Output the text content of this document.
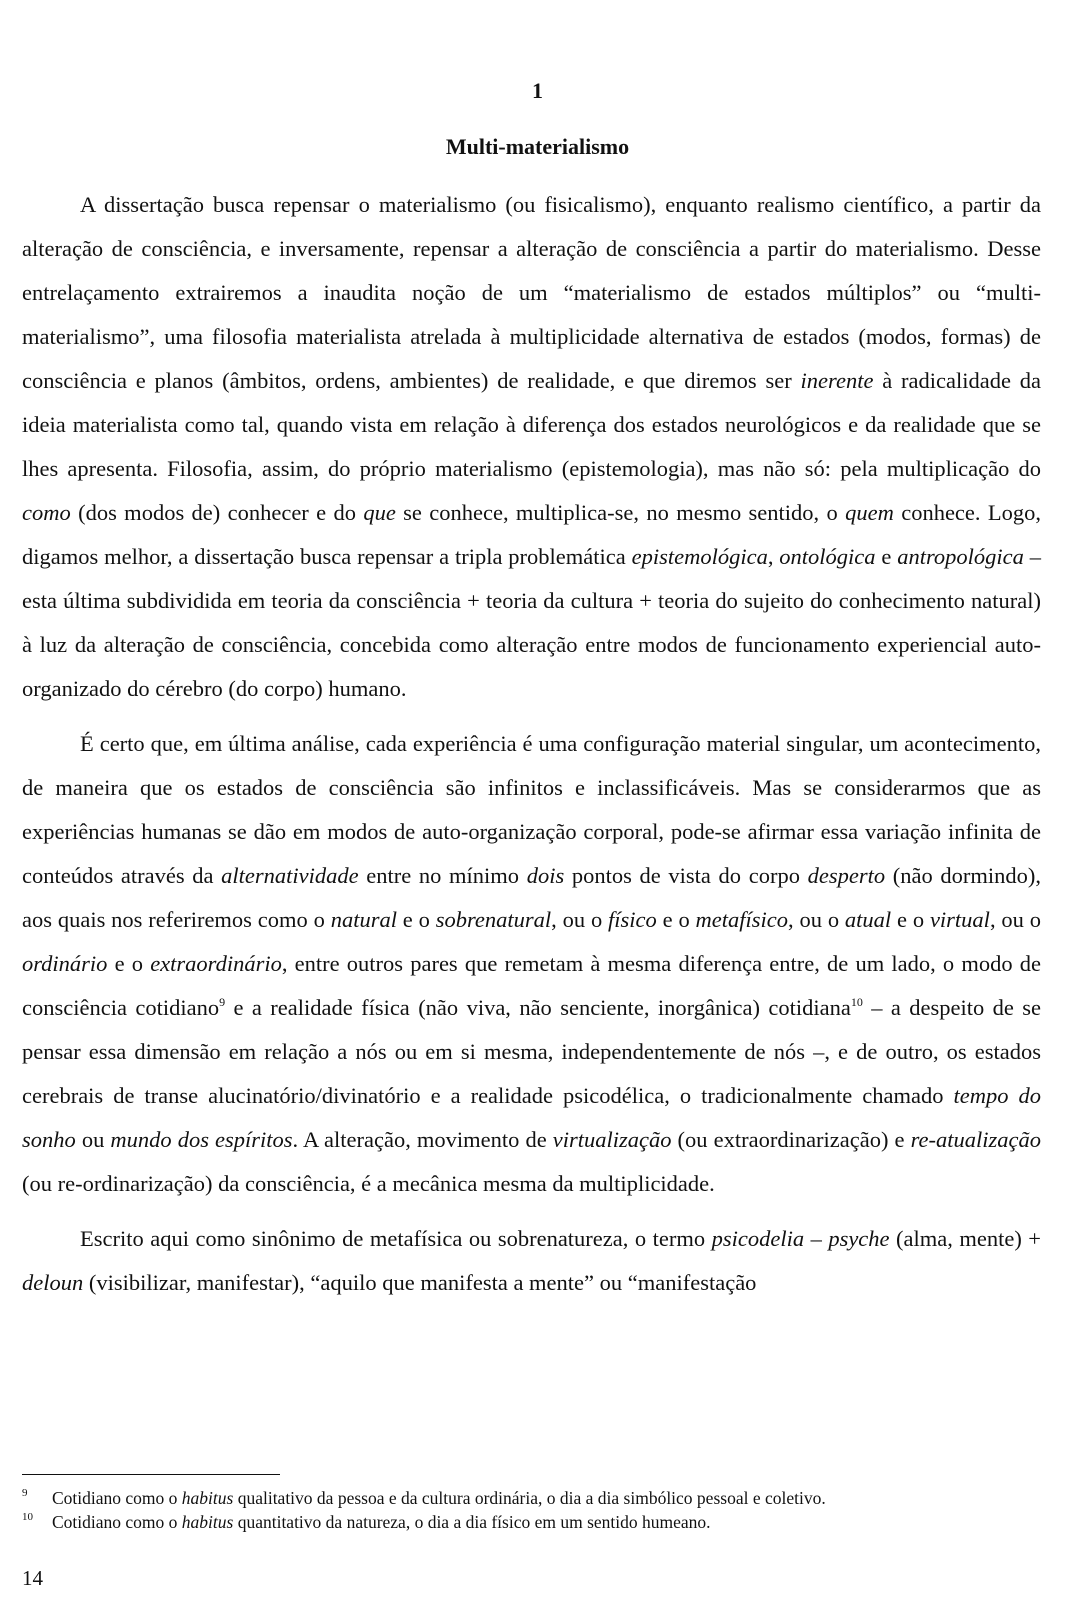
1
Multi-materialismo

A dissertação busca repensar o materialismo (ou fisicalismo), enquanto realismo científico, a partir da alteração de consciência, e inversamente, repensar a alteração de consciência a partir do materialismo. Desse entrelaçamento extrairemos a inaudita noção de um “materialismo de estados múltiplos” ou “multi-materialismo”, uma filosofia materialista atrelada à multiplicidade alternativa de estados (modos, formas) de consciência e planos (âmbitos, ordens, ambientes) de realidade, e que diremos ser inerente à radicalidade da ideia materialista como tal, quando vista em relação à diferença dos estados neurológicos e da realidade que se lhes apresenta. Filosofia, assim, do próprio materialismo (epistemologia), mas não só: pela multiplicação do como (dos modos de) conhecer e do que se conhece, multiplica-se, no mesmo sentido, o quem conhece. Logo, digamos melhor, a dissertação busca repensar a tripla problemática epistemológica, ontológica e antropológica – esta última subdividida em teoria da consciência + teoria da cultura + teoria do sujeito do conhecimento natural) à luz da alteração de consciência, concebida como alteração entre modos de funcionamento experiencial auto-organizado do cérebro (do corpo) humano.

É certo que, em última análise, cada experiência é uma configuração material singular, um acontecimento, de maneira que os estados de consciência são infinitos e inclassificáveis. Mas se considerarmos que as experiências humanas se dão em modos de auto-organização corporal, pode-se afirmar essa variação infinita de conteúdos através da alternatividade entre no mínimo dois pontos de vista do corpo desperto (não dormindo), aos quais nos referiremos como o natural e o sobrenatural, ou o físico e o metafísico, ou o atual e o virtual, ou o ordinário e o extraordinário, entre outros pares que remetam à mesma diferença entre, de um lado, o modo de consciência cotidiano$^9$ e a realidade física (não viva, não senciente, inorgânica) cotidiana$^{10}$ – a despeito de se pensar essa dimensão em relação a nós ou em si mesma, independentemente de nós –, e de outro, os estados cerebrais de transe alucinatório/divinatório e a realidade psicodélica, o tradicionalmente chamado tempo do sonho ou mundo dos espíritos. A alteração, movimento de virtualização (ou extraordinarização) e re-atualização (ou re-ordinarização) da consciência, é a mecânica mesma da multiplicidade.

Escrito aqui como sinônimo de metafísica ou sobrenatureza, o termo psicodelia – psyche (alma, mente) + deloun (visibilizar, manifestar), “aquilo que manifesta a mente” ou “manifestação

9 Cotidiano como o habitus qualitativo da pessoa e da cultura ordinária, o dia a dia simbólico pessoal e coletivo.
10 Cotidiano como o habitus quantitativo da natureza, o dia a dia físico em um sentido humeano.
14
